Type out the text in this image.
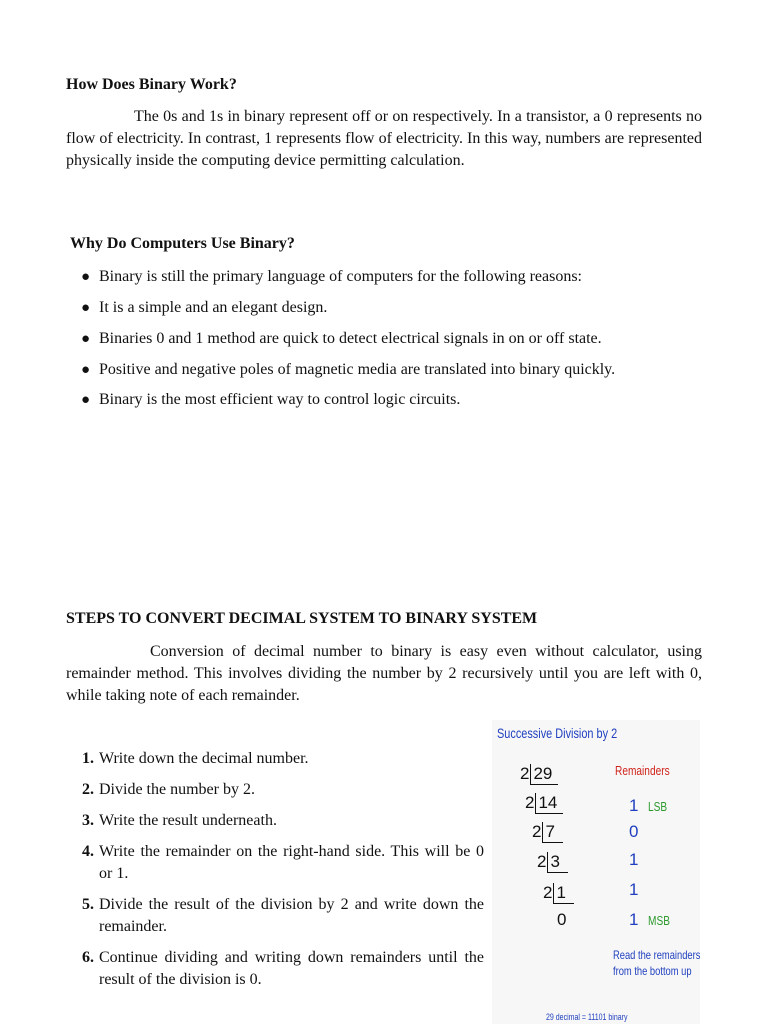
How Does Binary Work?
The 0s and 1s in binary represent off or on respectively. In a transistor, a 0 represents no flow of electricity. In contrast, 1 represents flow of electricity. In this way, numbers are represented physically inside the computing device permitting calculation.
Why Do Computers Use Binary?
● Binary is still the primary language of computers for the following reasons:
● It is a simple and an elegant design.
● Binaries 0 and 1 method are quick to detect electrical signals in on or off state.
● Positive and negative poles of magnetic media are translated into binary quickly.
● Binary is the most efficient way to control logic circuits.
STEPS TO CONVERT DECIMAL SYSTEM TO BINARY SYSTEM
Conversion of decimal number to binary is easy even without calculator, using remainder method. This involves dividing the number by 2 recursively until you are left with 0, while taking note of each remainder.
1. Write down the decimal number.
2. Divide the number by 2.
3. Write the result underneath.
4. Write the remainder on the right-hand side. This will be 0 or 1.
5. Divide the result of the division by 2 and write down the remainder.
6. Continue dividing and writing down remainders until the result of the division is 0.
Successive Division by 2
Remainders
2 29
2 14
2 7
2 3
2 1
0
1 LSB
0
1
1
1 MSB
Read the remainders
from the bottom up
29 decimal = 11101 binary
